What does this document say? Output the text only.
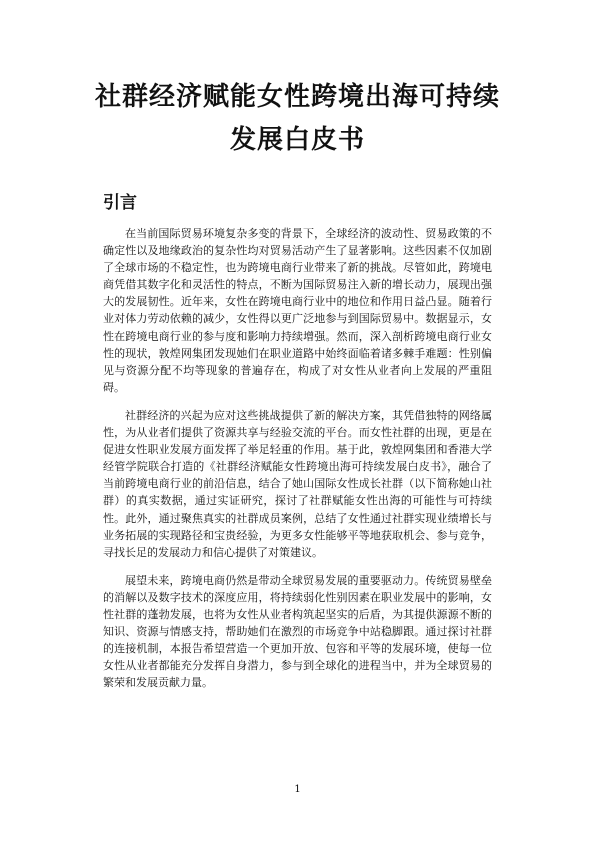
社群经济赋能女性跨境出海可持续
发展白皮书
引言

在当前国际贸易环境复杂多变的背景下，全球经济的波动性、贸易政策的不确定性以及地缘政治的复杂性均对贸易活动产生了显著影响。这些因素不仅加剧了全球市场的不稳定性，也为跨境电商行业带来了新的挑战。尽管如此，跨境电商凭借其数字化和灵活性的特点，不断为国际贸易注入新的增长动力，展现出强大的发展韧性。近年来，女性在跨境电商行业中的地位和作用日益凸显。随着行业对体力劳动依赖的减少，女性得以更广泛地参与到国际贸易中。数据显示，女性在跨境电商行业的参与度和影响力持续增强。然而，深入剖析跨境电商行业女性的现状，敦煌网集团发现她们在职业道路中始终面临着诸多棘手难题：性别偏见与资源分配不均等现象的普遍存在，构成了对女性从业者向上发展的严重阻碍。

社群经济的兴起为应对这些挑战提供了新的解决方案，其凭借独特的网络属性，为从业者们提供了资源共享与经验交流的平台。而女性社群的出现，更是在促进女性职业发展方面发挥了举足轻重的作用。基于此，敦煌网集团和香港大学经管学院联合打造的《社群经济赋能女性跨境出海可持续发展白皮书》，融合了当前跨境电商行业的前沿信息，结合了她山国际女性成长社群（以下简称她山社群）的真实数据，通过实证研究，探讨了社群赋能女性出海的可能性与可持续性。此外，通过聚焦真实的社群成员案例，总结了女性通过社群实现业绩增长与业务拓展的实现路径和宝贵经验，为更多女性能够平等地获取机会、参与竞争，寻找长足的发展动力和信心提供了对策建议。

展望未来，跨境电商仍然是带动全球贸易发展的重要驱动力。传统贸易壁垒的消解以及数字技术的深度应用，将持续弱化性别因素在职业发展中的影响，女性社群的蓬勃发展，也将为女性从业者构筑起坚实的后盾，为其提供源源不断的知识、资源与情感支持，帮助她们在激烈的市场竞争中站稳脚跟。通过探讨社群的连接机制，本报告希望营造一个更加开放、包容和平等的发展环境，使每一位女性从业者都能充分发挥自身潜力，参与到全球化的进程当中，并为全球贸易的繁荣和发展贡献力量。

1
